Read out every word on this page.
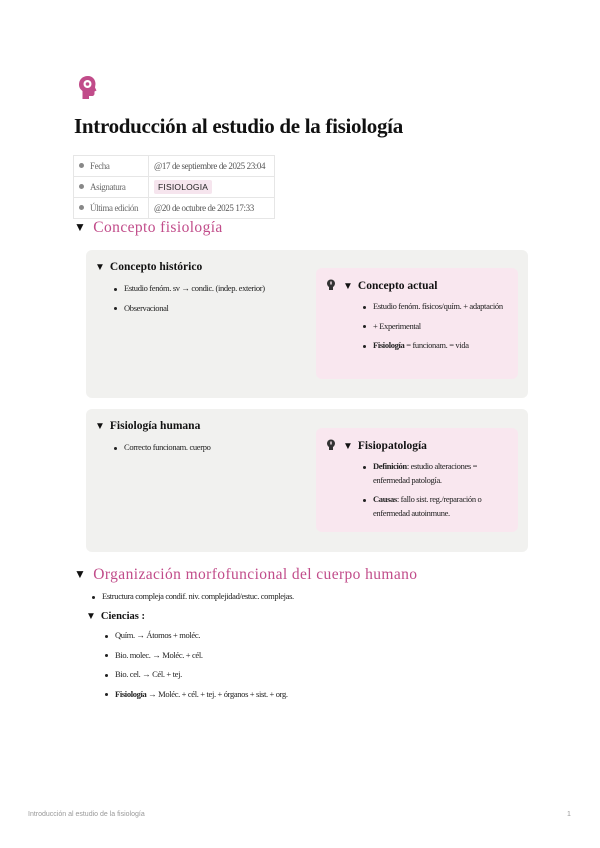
Introducción al estudio de la fisiología
Fecha	@17 de septiembre de 2025 23:04
Asignatura	FISIOLOGIA
Última edición	@20 de octubre de 2025 17:33
▼ Concepto fisiología
▼ Concepto histórico
Estudio fenóm. sv → condic. (indep. exterior)
Observacional
▼ Concepto actual
Estudio fenóm. físicos/quím. + adaptación
+ Experimental
Fisiología = funcionam. = vida
▼ Fisiología humana
Correcto funcionam. cuerpo	▼ Fisiopatología
Definición: estudio alteraciones = enfermedad patología.
Causas: fallo sist. reg./reparación o enfermedad autoinmune.
▼ Organización morfofuncional del cuerpo humano
Estructura compleja condif. niv. complejidad/estuc. complejas.
▼ Ciencias :
Quím. → Átomos + moléc.
Bio. molec. → Moléc. + cél.
Bio. cel. → Cél. + tej.
Fisiología → Moléc. + cél. + tej. + órganos + sist. + org.
Introducción al estudio de la fisiología	1
